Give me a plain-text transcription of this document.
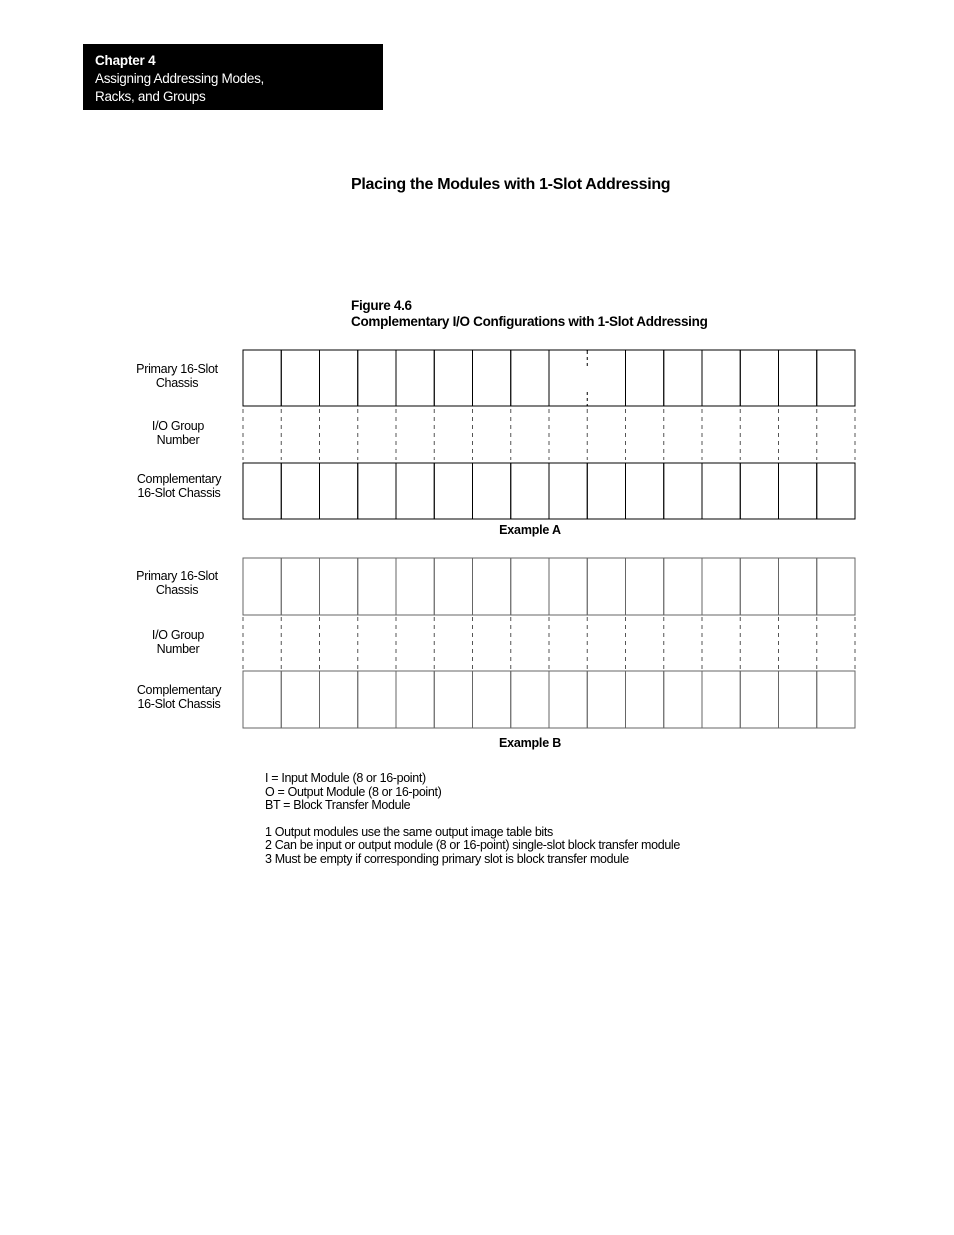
Chapter 4
Assigning Addressing Modes,
Racks, and Groups
Placing the Modules with 1-Slot Addressing
Figure 4.6
Complementary I/O Configurations with 1-Slot Addressing
Primary 16-Slot
Chassis
I/O Group
Number
Complementary
16-Slot Chassis
Example A
Primary 16-Slot
Chassis
I/O Group
Number
Complementary
16-Slot Chassis
Example B
I = Input Module (8 or 16-point)
O = Output Module (8 or 16-point)
BT = Block Transfer Module
1 Output modules use the same output image table bits
2 Can be input or output module (8 or 16-point) single-slot block transfer module
3 Must be empty if corresponding primary slot is block transfer module
